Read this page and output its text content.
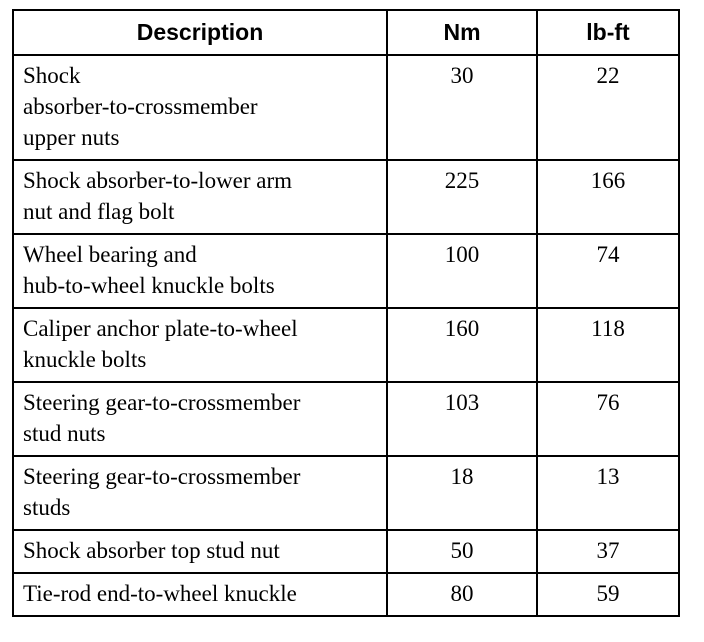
Description	Nm	lb-ft

Shock
absorber-to-crossmember
upper nuts	30	22

Shock absorber-to-lower arm
nut and flag bolt	225	166

Wheel bearing and
hub-to-wheel knuckle bolts	100	74

Caliper anchor plate-to-wheel
knuckle bolts	160	118

Steering gear-to-crossmember
stud nuts	103	76

Steering gear-to-crossmember
studs	18	13

Shock absorber top stud nut	50	37

Tie-rod end-to-wheel knuckle	80	59
